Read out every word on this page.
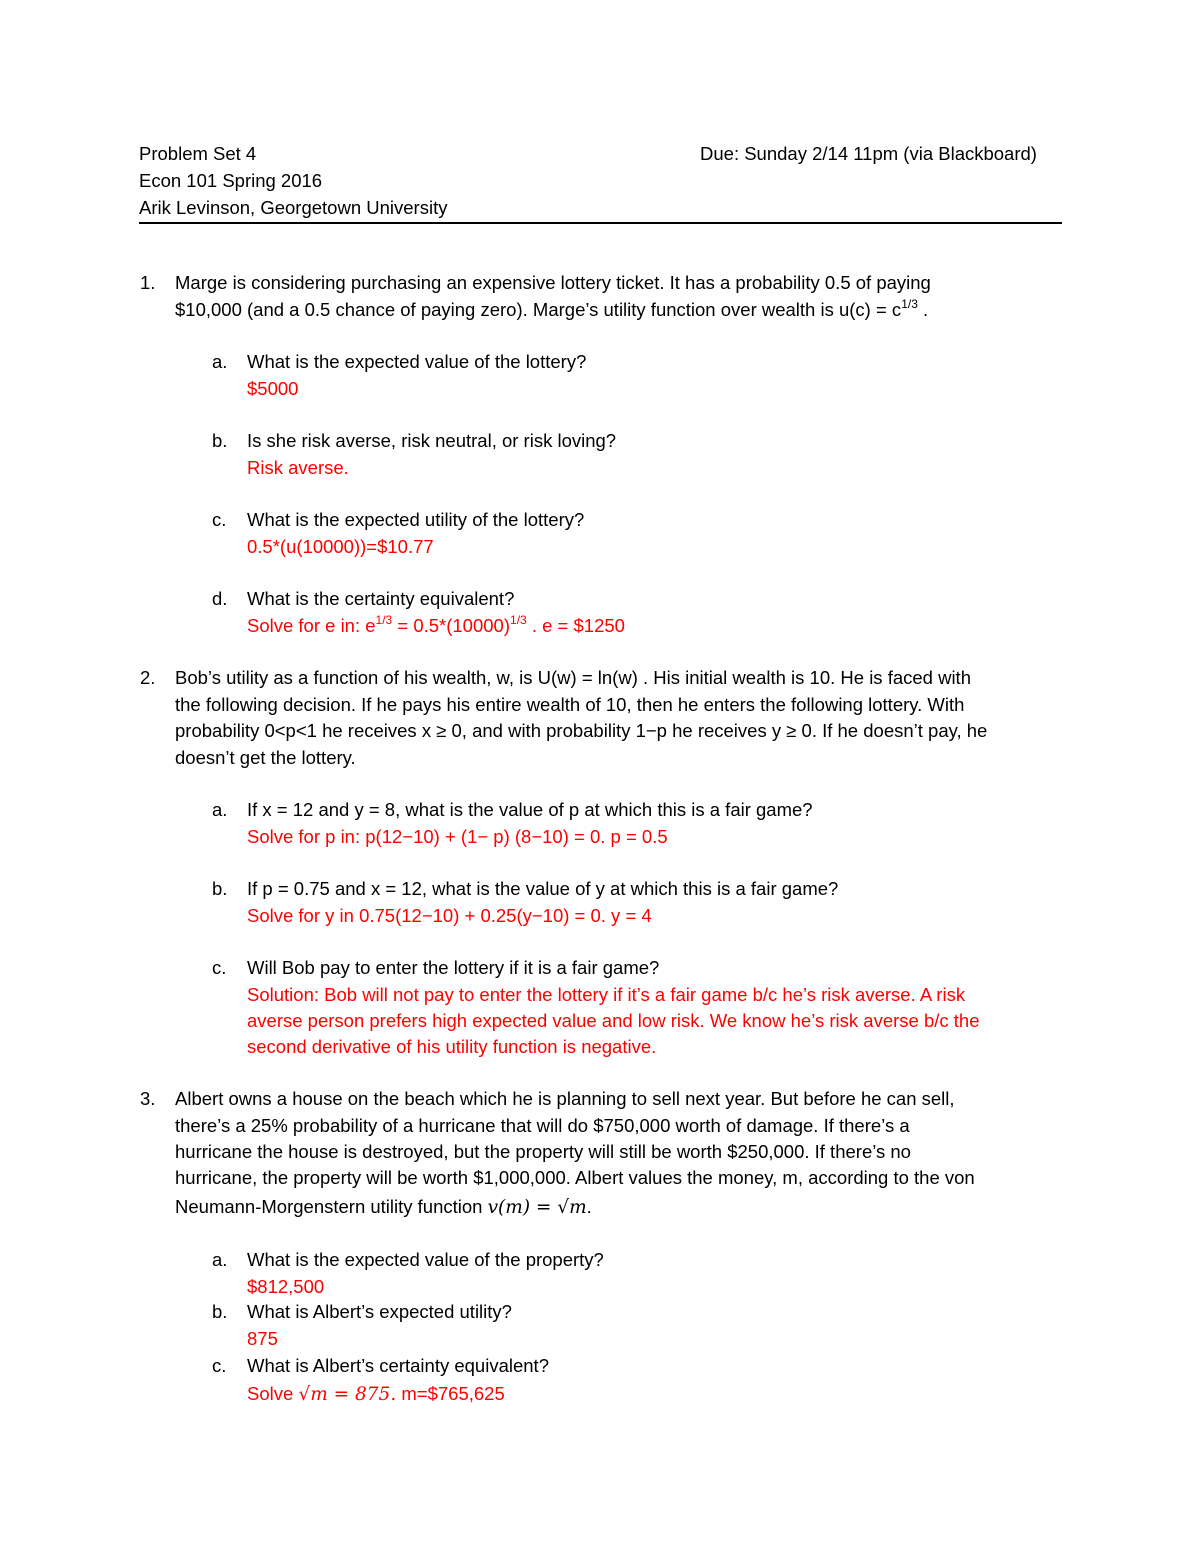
Problem Set 4	Due: Sunday 2/14 11pm (via Blackboard)
Econ 101 Spring 2016
Arik Levinson, Georgetown University
1. Marge is considering purchasing an expensive lottery ticket. It has a probability 0.5 of paying
$10,000 (and a 0.5 chance of paying zero). Marge’s utility function over wealth is $u(c) = c^{1/3}$ .
a. What is the expected value of the lottery?
$5000
b. Is she risk averse, risk neutral, or risk loving?
Risk averse.
c. What is the expected utility of the lottery?
0.5*(u(10000))=$10.77
d. What is the certainty equivalent?
Solve for e in: $e^{1/3} = 0.5*(10000)^{1/3}$ . e = $1250
2. Bob’s utility as a function of his wealth, w, is U(w) = ln(w) . His initial wealth is 10. He is faced with
the following decision. If he pays his entire wealth of 10, then he enters the following lottery. With
probability 0<p<1 he receives x ≥ 0, and with probability 1−p he receives y ≥ 0. If he doesn’t pay, he
doesn’t get the lottery.
a. If x = 12 and y = 8, what is the value of p at which this is a fair game?
Solve for p in: p(12−10) + (1− p) (8−10) = 0. p = 0.5
b. If p = 0.75 and x = 12, what is the value of y at which this is a fair game?
Solve for y in 0.75(12−10) + 0.25(y−10) = 0. y = 4
c. Will Bob pay to enter the lottery if it is a fair game?
Solution: Bob will not pay to enter the lottery if it’s a fair game b/c he’s risk averse. A risk
averse person prefers high expected value and low risk. We know he’s risk averse b/c the
second derivative of his utility function is negative.
3. Albert owns a house on the beach which he is planning to sell next year. But before he can sell,
there’s a 25% probability of a hurricane that will do $750,000 worth of damage. If there’s a
hurricane the house is destroyed, but the property will still be worth $250,000. If there’s no
hurricane, the property will be worth $1,000,000. Albert values the money, m, according to the von
Neumann-Morgenstern utility function v(m) = √m.
a. What is the expected value of the property?
$812,500
b. What is Albert’s expected utility?
875
c. What is Albert’s certainty equivalent?
Solve √m = 875. m=$765,625
